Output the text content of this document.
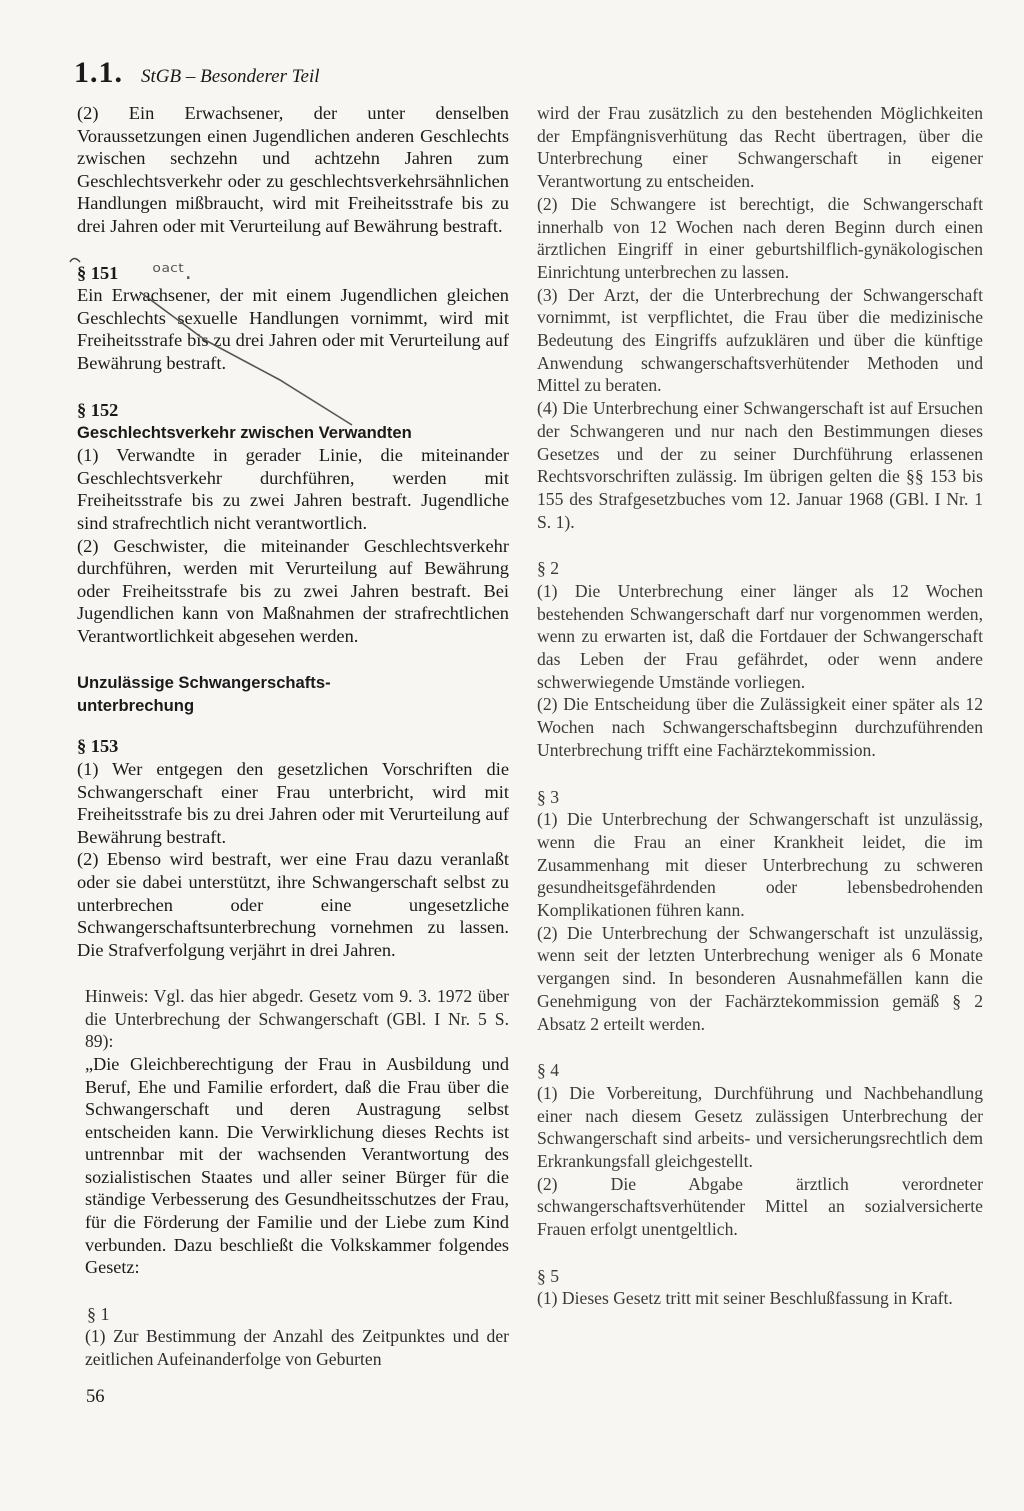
1.1. StGB – Besonderer Teil

(2) Ein Erwachsener, der unter denselben Voraussetzungen einen Jugendlichen anderen Geschlechts zwischen sechzehn und achtzehn Jahren zum Geschlechtsverkehr oder zu geschlechtsverkehrsähnlichen Handlungen mißbraucht, wird mit Freiheitsstrafe bis zu drei Jahren oder mit Verurteilung auf Bewährung bestraft.

§ 151 ᵒᵃᶜᵗ.

Ein Erwachsener, der mit einem Jugendlichen gleichen Geschlechts sexuelle Handlungen vornimmt, wird mit Freiheitsstrafe bis zu drei Jahren oder mit Verurteilung auf Bewährung bestraft.

§ 152

Geschlechtsverkehr zwischen Verwandten

(1) Verwandte in gerader Linie, die miteinander Geschlechtsverkehr durchführen, werden mit Freiheitsstrafe bis zu zwei Jahren bestraft. Jugendliche sind strafrechtlich nicht verantwortlich.

(2) Geschwister, die miteinander Geschlechtsverkehr durchführen, werden mit Verurteilung auf Bewährung oder Freiheitsstrafe bis zu zwei Jahren bestraft. Bei Jugendlichen kann von Maßnahmen der strafrechtlichen Verantwortlichkeit abgesehen werden.

Unzulässige Schwangerschafts-

unterbrechung

§ 153

(1) Wer entgegen den gesetzlichen Vorschriften die Schwangerschaft einer Frau unterbricht, wird mit Freiheitsstrafe bis zu drei Jahren oder mit Verurteilung auf Bewährung bestraft.

(2) Ebenso wird bestraft, wer eine Frau dazu veranlaßt oder sie dabei unterstützt, ihre Schwangerschaft selbst zu unterbrechen oder eine ungesetzliche Schwangerschaftsunterbrechung vornehmen zu lassen. Die Strafverfolgung verjährt in drei Jahren.

Hinweis: Vgl. das hier abgedr. Gesetz vom 9. 3. 1972 über die Unterbrechung der Schwangerschaft (GBl. I Nr. 5 S. 89):

„Die Gleichberechtigung der Frau in Ausbildung und Beruf, Ehe und Familie erfordert, daß die Frau über die Schwangerschaft und deren Austragung selbst entscheiden kann. Die Verwirklichung dieses Rechts ist untrennbar mit der wachsenden Verantwortung des sozialistischen Staates und aller seiner Bürger für die ständige Verbesserung des Gesundheitsschutzes der Frau, für die Förderung der Familie und der Liebe zum Kind verbunden. Dazu beschließt die Volkskammer folgendes Gesetz:

§ 1

(1) Zur Bestimmung der Anzahl des Zeitpunktes und der zeitlichen Aufeinanderfolge von Geburten

wird der Frau zusätzlich zu den bestehenden Möglichkeiten der Empfängnisverhütung das Recht übertragen, über die Unterbrechung einer Schwangerschaft in eigener Verantwortung zu entscheiden.

(2) Die Schwangere ist berechtigt, die Schwangerschaft innerhalb von 12 Wochen nach deren Beginn durch einen ärztlichen Eingriff in einer geburtshilflich-gynäkologischen Einrichtung unterbrechen zu lassen.

(3) Der Arzt, der die Unterbrechung der Schwangerschaft vornimmt, ist verpflichtet, die Frau über die medizinische Bedeutung des Eingriffs aufzuklären und über die künftige Anwendung schwangerschaftsverhütender Methoden und Mittel zu beraten.

(4) Die Unterbrechung einer Schwangerschaft ist auf Ersuchen der Schwangeren und nur nach den Bestimmungen dieses Gesetzes und der zu seiner Durchführung erlassenen Rechtsvorschriften zulässig. Im übrigen gelten die §§ 153 bis 155 des Strafgesetzbuches vom 12. Januar 1968 (GBl. I Nr. 1 S. 1).

§ 2

(1) Die Unterbrechung einer länger als 12 Wochen bestehenden Schwangerschaft darf nur vorgenommen werden, wenn zu erwarten ist, daß die Fortdauer der Schwangerschaft das Leben der Frau gefährdet, oder wenn andere schwerwiegende Umstände vorliegen.

(2) Die Entscheidung über die Zulässigkeit einer später als 12 Wochen nach Schwangerschaftsbeginn durchzuführenden Unterbrechung trifft eine Fachärztekommission.

§ 3

(1) Die Unterbrechung der Schwangerschaft ist unzulässig, wenn die Frau an einer Krankheit leidet, die im Zusammenhang mit dieser Unterbrechung zu schweren gesundheitsgefährdenden oder lebensbedrohenden Komplikationen führen kann.

(2) Die Unterbrechung der Schwangerschaft ist unzulässig, wenn seit der letzten Unterbrechung weniger als 6 Monate vergangen sind. In besonderen Ausnahmefällen kann die Genehmigung von der Fachärztekommission gemäß § 2 Absatz 2 erteilt werden.

§ 4

(1) Die Vorbereitung, Durchführung und Nachbehandlung einer nach diesem Gesetz zulässigen Unterbrechung der Schwangerschaft sind arbeits- und versicherungsrechtlich dem Erkrankungsfall gleichgestellt.

(2) Die Abgabe ärztlich verordneter schwangerschaftsverhütender Mittel an sozialversicherte Frauen erfolgt unentgeltlich.

§ 5

(1) Dieses Gesetz tritt mit seiner Beschlußfassung in Kraft.

56
